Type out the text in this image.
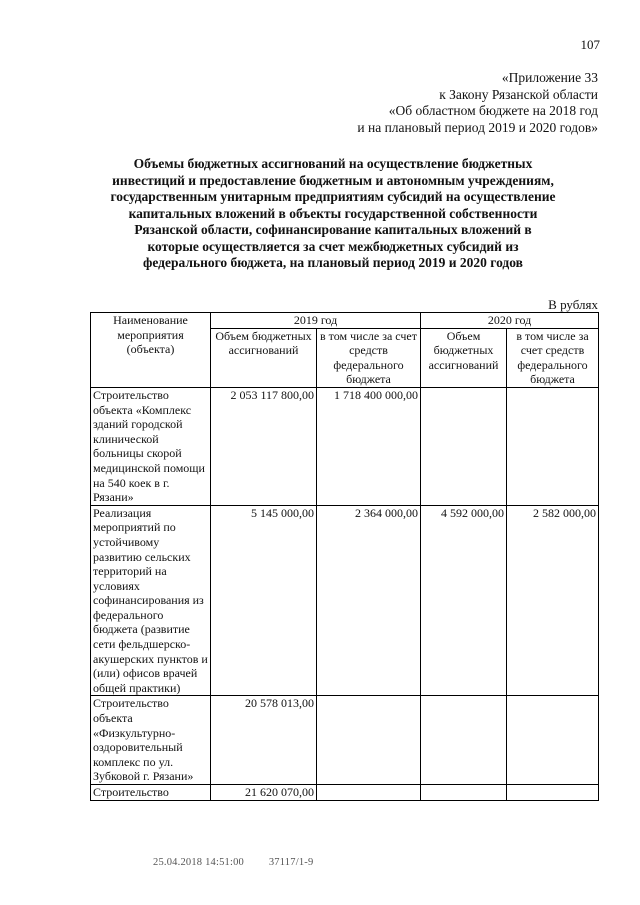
107
«Приложение 33
к Закону Рязанской области
«Об областном бюджете на 2018 год
и на плановый период 2019 и 2020 годов»
Объемы бюджетных ассигнований на осуществление бюджетных
инвестиций и предоставление бюджетным и автономным учреждениям,
государственным унитарным предприятиям субсидий на осуществление
капитальных вложений в объекты государственной собственности
Рязанской области, софинансирование капитальных вложений в
которые осуществляется за счет межбюджетных субсидий из
федерального бюджета, на плановый период 2019 и 2020 годов
В рублях
Наименование мероприятия (объекта)	2019 год		2020 год	
	Объем бюджетных ассигнований	в том числе за счет средств федерального бюджета	Объем бюджетных ассигнований	в том числе за счет средств федерального бюджета
Строительство объекта «Комплекс зданий городской клинической больницы скорой медицинской помощи на 540 коек в г. Рязани»	2 053 117 800,00	1 718 400 000,00		
Реализация мероприятий по устойчивому развитию сельских территорий на условиях софинансирования из федерального бюджета (развитие сети фельдшерско-акушерских пунктов и (или) офисов врачей общей практики)	5 145 000,00	2 364 000,00	4 592 000,00	2 582 000,00
Строительство объекта «Физкультурно-оздоровительный комплекс по ул. Зубковой г. Рязани»	20 578 013,00			
Строительство	21 620 070,00			
25.04.2018 14:51:00 37117/1-9
